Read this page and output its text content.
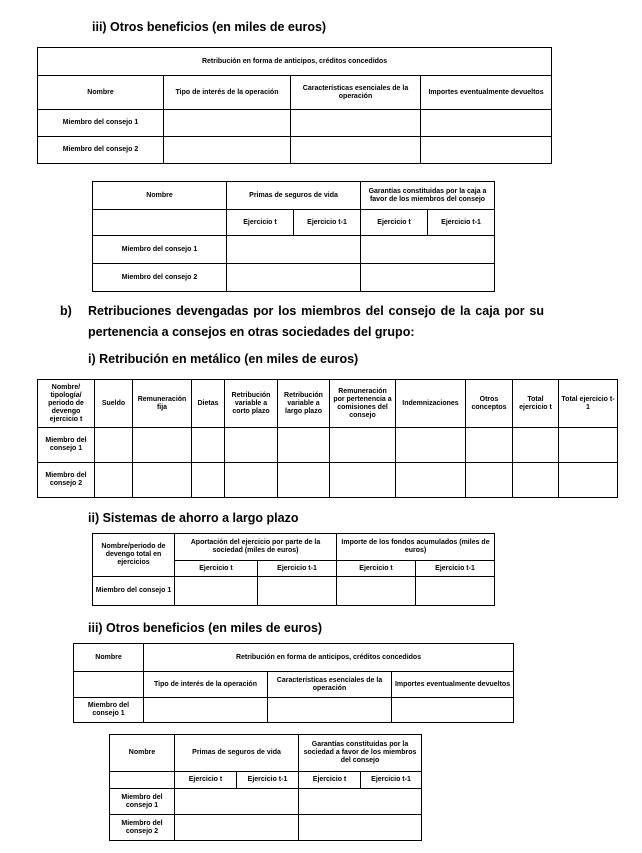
iii) Otros beneficios (en miles de euros)
Retribución en forma de anticipos, créditos concedidos			
Nombre	Tipo de interés de la operación	Características esenciales de la operación	Importes eventualmente devueltos
Miembro del consejo 1			
Miembro del consejo 2			
Nombre	Primas de seguros de vida		Garantías constituidas por la caja a favor de los miembros del consejo	
	Ejercicio t	Ejercicio t-1	Ejercicio t	Ejercicio t-1
Miembro del consejo 1				
Miembro del consejo 2				
b) Retribuciones devengadas por los miembros del consejo de la caja por su pertenencia a consejos en otras sociedades del grupo:
i) Retribución en metálico (en miles de euros)
Nombre/ tipología/ periodo de devengo ejercicio t	Sueldo	Remuneración fija	Dietas	Retribución variable a corto plazo	Retribución variable a largo plazo	Remuneración por pertenencia a comisiones del consejo	Indemnizaciones	Otros conceptos	Total ejercicio t	Total ejercicio t-1
Miembro del consejo 1										
Miembro del consejo 2										
ii) Sistemas de ahorro a largo plazo
Nombre/periodo de devengo total en ejercicios	Aportación del ejercicio por parte de la sociedad (miles de euros)		Importe de los fondos acumulados (miles de euros)	
	Ejercicio t	Ejercicio t-1	Ejercicio t	Ejercicio t-1
Miembro del consejo 1				
iii) Otros beneficios (en miles de euros)
Nombre	Retribución en forma de anticipos, créditos concedidos		
	Tipo de interés de la operación	Características esenciales de la operación	Importes eventualmente devueltos
Miembro del consejo 1			
Nombre	Primas de seguros de vida		Garantías constituidas por la sociedad a favor de los miembros del consejo	
	Ejercicio t	Ejercicio t-1	Ejercicio t	Ejercicio t-1
Miembro del consejo 1				
Miembro del consejo 2				
